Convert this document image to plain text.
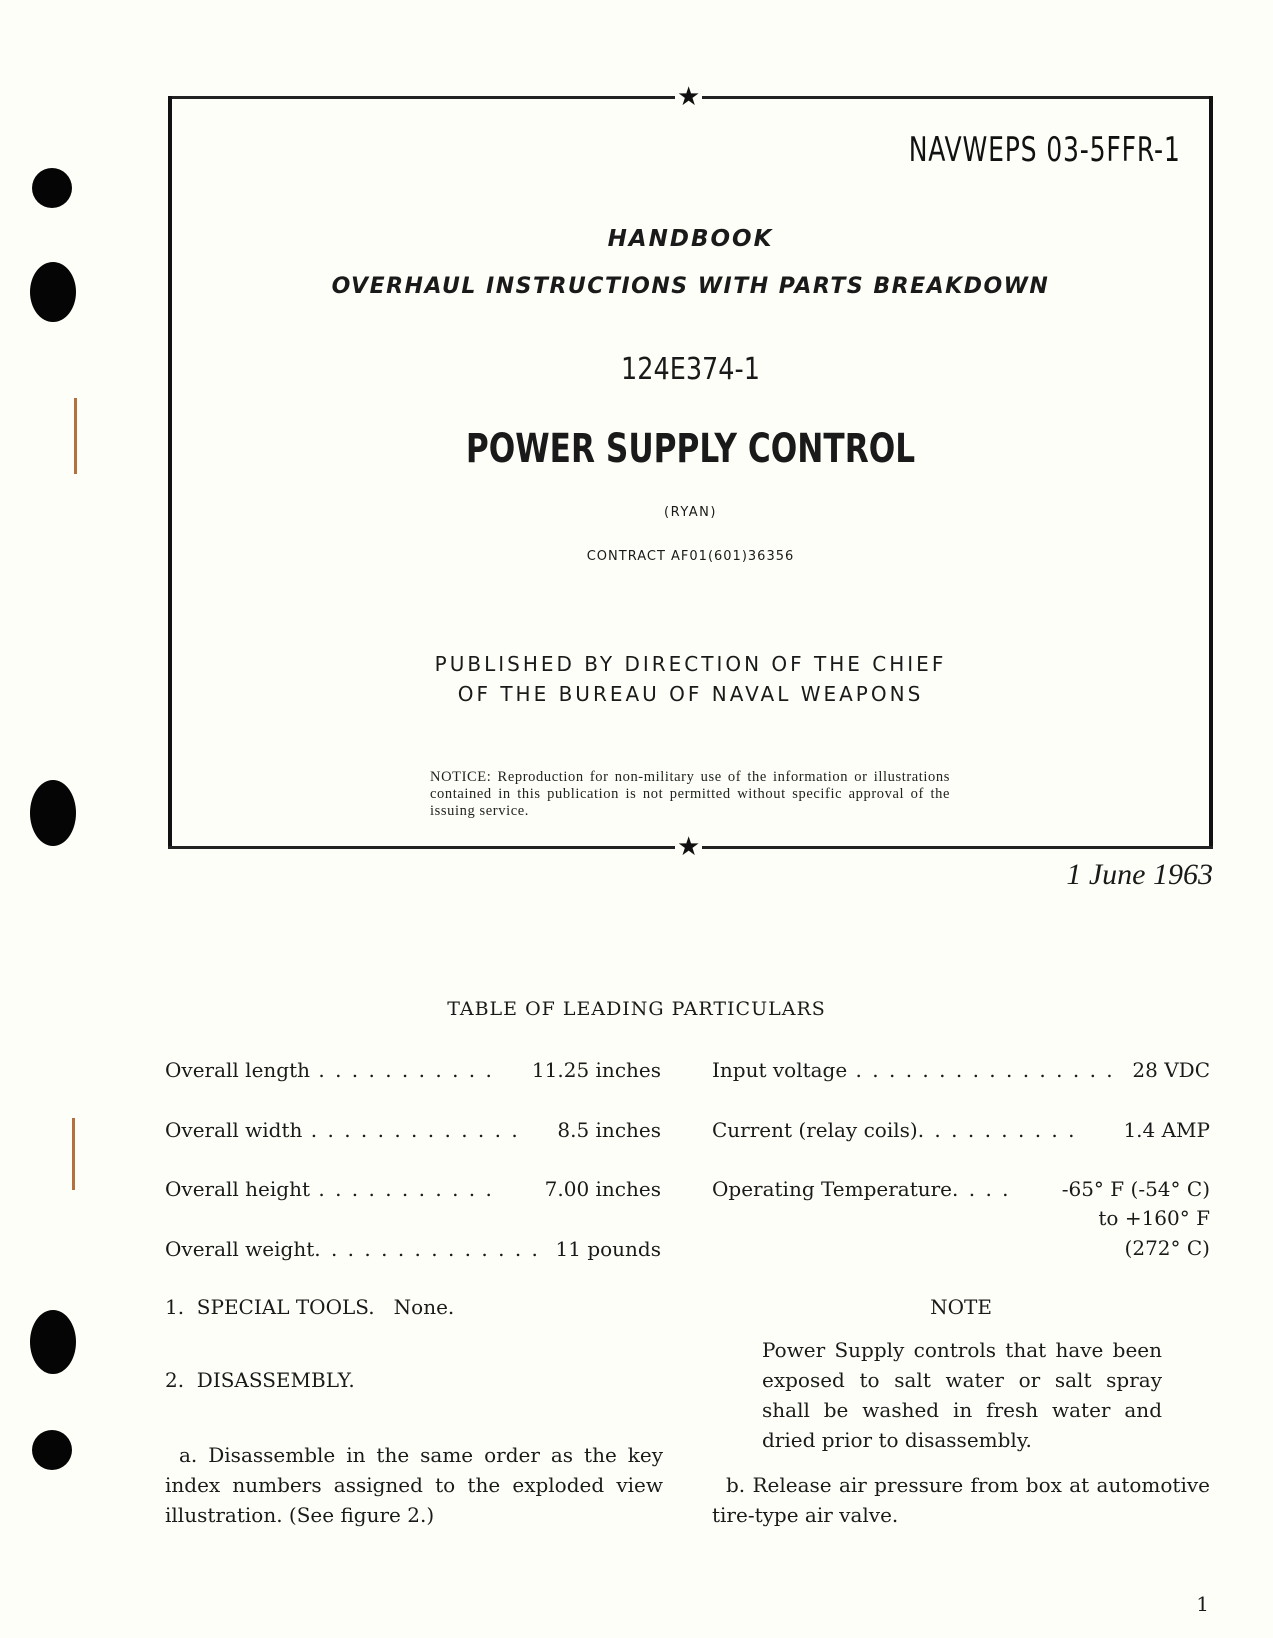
★
★
NAVWEPS 03-5FFR-1
HANDBOOK
OVERHAUL INSTRUCTIONS WITH PARTS BREAKDOWN
124E374-1
POWER SUPPLY CONTROL
(RYAN)
CONTRACT AF01(601)36356
PUBLISHED BY DIRECTION OF THE CHIEF
OF THE BUREAU OF NAVAL WEAPONS
NOTICE: Reproduction for non-military use of the information or illustrations contained in this publication is not permitted without specific approval of the issuing service.
1 June 1963
TABLE OF LEADING PARTICULARS
Overall length . . . . . . . . . . . 11.25 inches
Overall width . . . . . . . . . . . . . 8.5 inches
Overall height . . . . . . . . . . .	7.00 inches
Overall weight. . . . . . . . . . . . . . 11 pounds
Input voltage . . . . . . . . . . . . . . . . 28 VDC
Current (relay coils). . . . . . . . . . 1.4 AMP
Operating Temperature. . . .	-65° F (-54° C)
to +160° F
(272° C)
1.  SPECIAL TOOLS.   None.
2.  DISASSEMBLY.
a. Disassemble in the same order as the key index numbers assigned to the exploded view illustration. (See figure 2.)
NOTE
Power Supply controls that have been exposed to salt water or salt spray shall be washed in fresh water and dried prior to disassembly.
b. Release air pressure from box at automotive tire-type air valve.
1
